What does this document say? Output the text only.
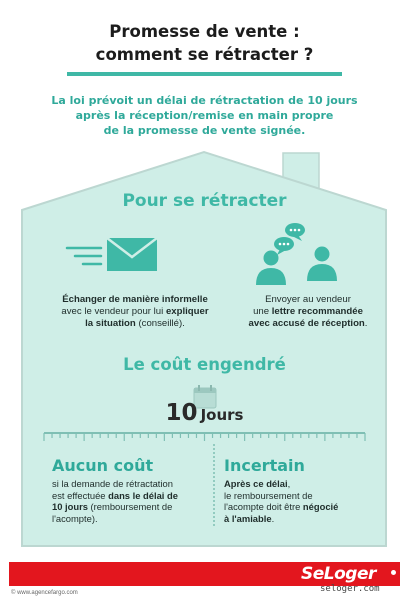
Promesse de vente :
comment se rétracter ?
La loi prévoit un délai de rétractation de 10 jours
après la réception/remise en main propre
de la promesse de vente signée.
Pour se rétracter
Échanger de manière informelle
avec le vendeur pour lui expliquer
la situation (conseillé).
Envoyer au vendeur
une lettre recommandée
avec accusé de réception.
Le coût engendré
10 Jours
Aucun coût
si la demande de rétractation
est effectuée dans le délai de
10 jours (remboursement de
l'acompte).
Incertain
Après ce délai,
le remboursement de
l'acompte doit être négocié
à l'amiable.
SeLoger
© www.agencefargo.com	seloger.com
